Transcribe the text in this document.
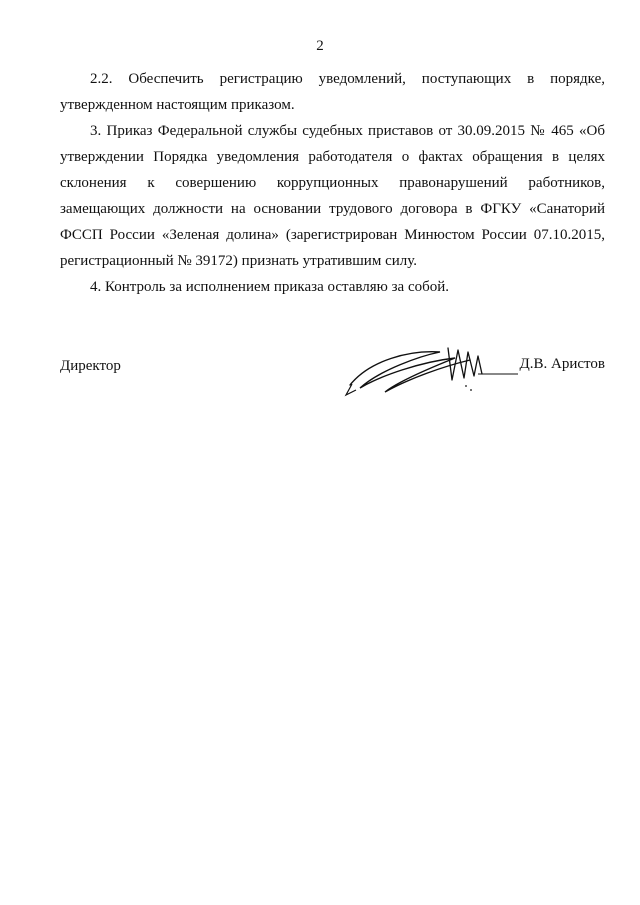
2

2.2. Обеспечить регистрацию уведомлений, поступающих в порядке, утвержденном настоящим приказом.

3. Приказ Федеральной службы судебных приставов от 30.09.2015 № 465 «Об утверждении Порядка уведомления работодателя о фактах обращения в целях склонения к совершению коррупционных правонарушений работников, замещающих должности на основании трудового договора в ФГКУ «Санаторий ФССП России «Зеленая долина» (зарегистрирован Минюстом России 07.10.2015, регистрационный № 39172) признать утратившим силу.

4. Контроль за исполнением приказа оставляю за собой.

Директор	Д.В. Аристов
